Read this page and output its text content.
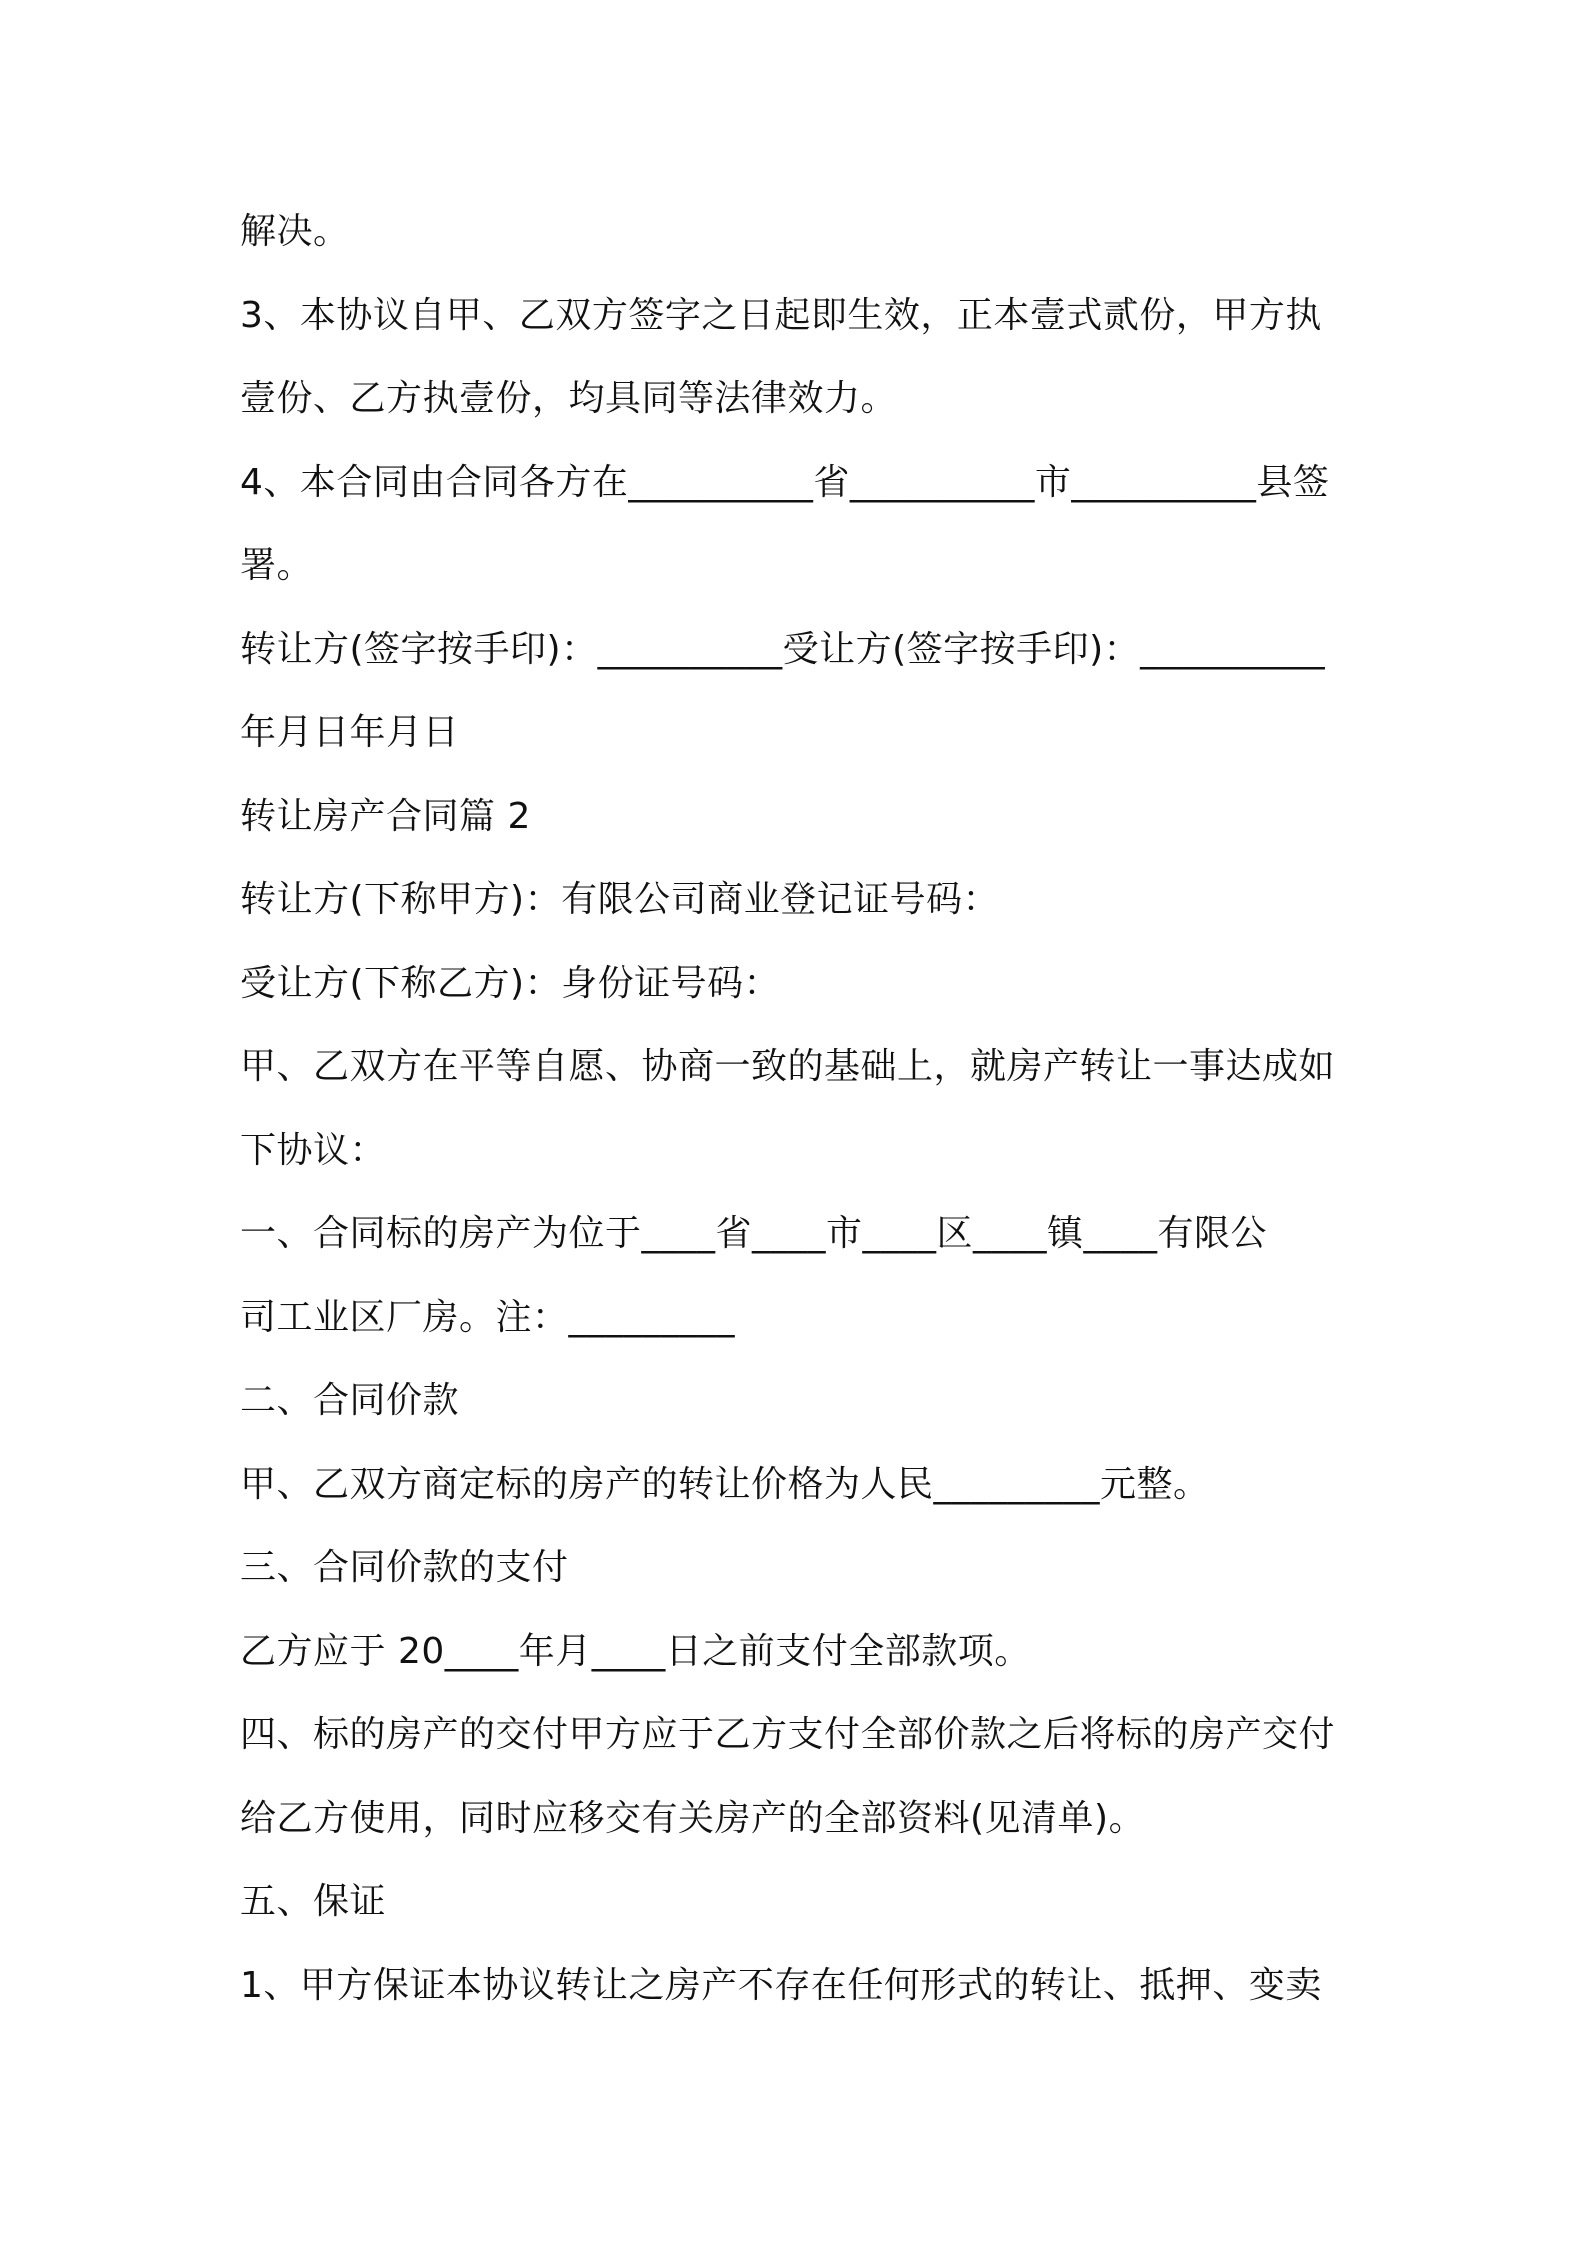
解决。

3、本协议自甲、乙双方签字之日起即生效，正本壹式贰份，甲方执

壹份、乙方执壹份，均具同等法律效力。

4、本合同由合同各方在__________省__________市__________县签

署。

转让方(签字按手印)：__________受让方(签字按手印)：__________

年月日年月日

转让房产合同篇 2

转让方(下称甲方)：有限公司商业登记证号码：

受让方(下称乙方)：身份证号码：

甲、乙双方在平等自愿、协商一致的基础上，就房产转让一事达成如

下协议：

一、合同标的房产为位于____省____市____区____镇____有限公

司工业区厂房。注：_________

二、合同价款

甲、乙双方商定标的房产的转让价格为人民_________元整。

三、合同价款的支付

乙方应于 20____年月____日之前支付全部款项。

四、标的房产的交付甲方应于乙方支付全部价款之后将标的房产交付

给乙方使用，同时应移交有关房产的全部资料(见清单)。

五、保证

1、甲方保证本协议转让之房产不存在任何形式的转让、抵押、变卖
